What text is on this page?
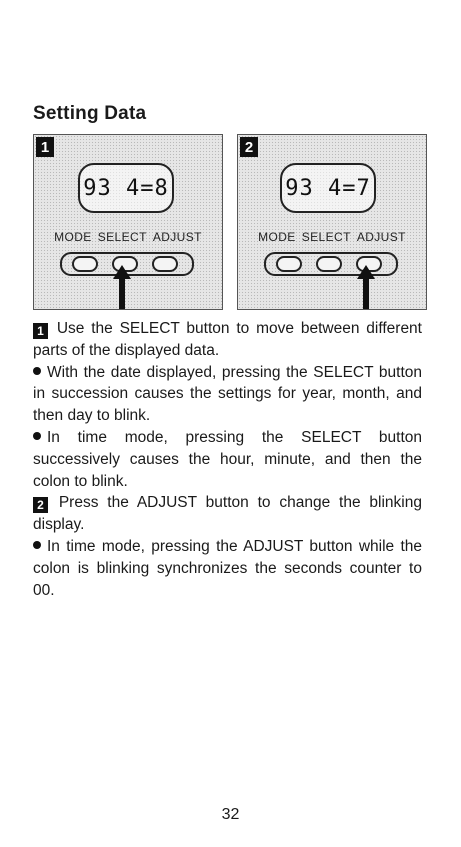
Setting Data
1
93 4=8
MODE SELECT ADJUST
2
93 4=7
MODE SELECT ADJUST

1 Use the SELECT button to move between different parts of the displayed data.

With the date displayed, pressing the SELECT button in succession causes the settings for year, month, and then day to blink.

In time mode, pressing the SELECT button successively causes the hour, minute, and then the colon to blink.

2 Press the ADJUST button to change the blinking display.

In time mode, pressing the ADJUST button while the colon is blinking synchronizes the seconds counter to 00.

32
